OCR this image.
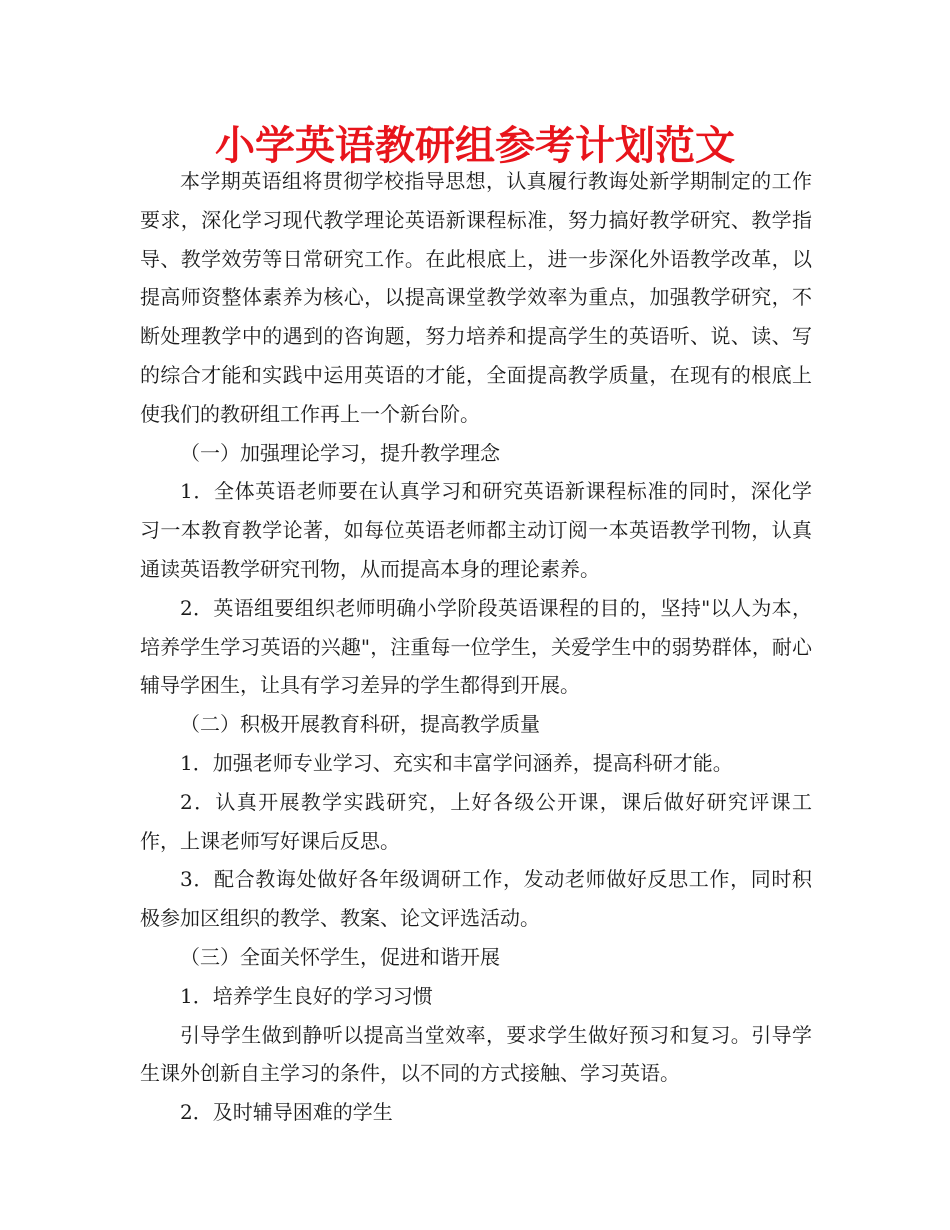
小学英语教研组参考计划范文

本学期英语组将贯彻学校指导思想，认真履行教诲处新学期制定的工作要求，深化学习现代教学理论英语新课程标准，努力搞好教学研究、教学指导、教学效劳等日常研究工作。在此根底上，进一步深化外语教学改革，以提高师资整体素养为核心，以提高课堂教学效率为重点，加强教学研究，不断处理教学中的遇到的咨询题，努力培养和提高学生的英语听、说、读、写的综合才能和实践中运用英语的才能，全面提高教学质量，在现有的根底上使我们的教研组工作再上一个新台阶。

（一）加强理论学习，提升教学理念

1．全体英语老师要在认真学习和研究英语新课程标准的同时，深化学习一本教育教学论著，如每位英语老师都主动订阅一本英语教学刊物，认真通读英语教学研究刊物，从而提高本身的理论素养。

2．英语组要组织老师明确小学阶段英语课程的目的，坚持"以人为本，培养学生学习英语的兴趣"，注重每一位学生，关爱学生中的弱势群体，耐心辅导学困生，让具有学习差异的学生都得到开展。

（二）积极开展教育科研，提高教学质量

1．加强老师专业学习、充实和丰富学问涵养，提高科研才能。

2．认真开展教学实践研究，上好各级公开课，课后做好研究评课工作，上课老师写好课后反思。

3．配合教诲处做好各年级调研工作，发动老师做好反思工作，同时积极参加区组织的教学、教案、论文评选活动。

（三）全面关怀学生，促进和谐开展

1．培养学生良好的学习习惯

引导学生做到静听以提高当堂效率，要求学生做好预习和复习。引导学生课外创新自主学习的条件，以不同的方式接触、学习英语。

2．及时辅导困难的学生
